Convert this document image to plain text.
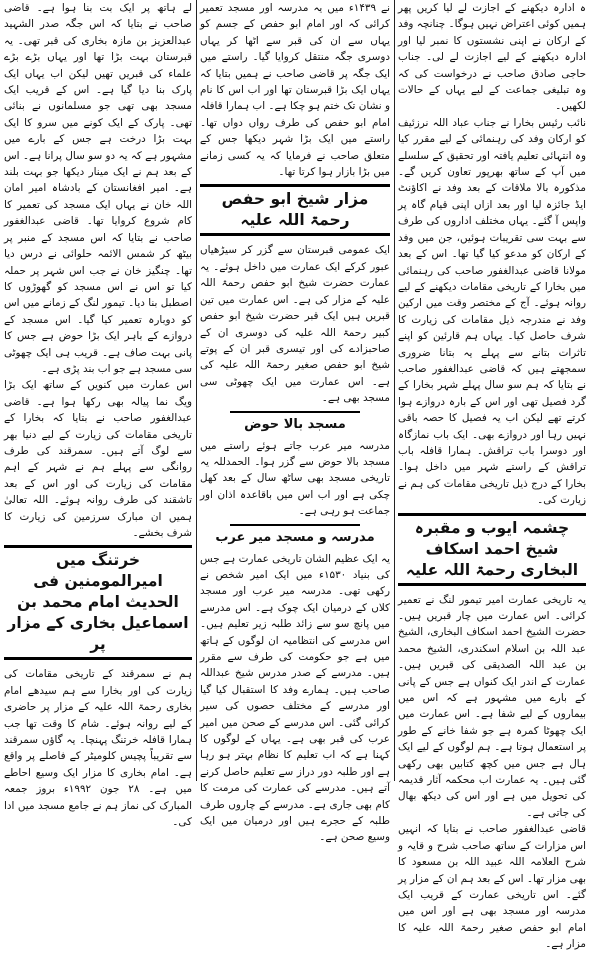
ہ ادارہ دیکھنے کے اجازت لے لیا کریں پھر ہمیں کوئی اعتراض نہیں ہوگا۔ چنانچہ وفد کے ارکان نے اپنی نشستوں کا نمبر لیا اور ادارہ دیکھنے کے لیے اجازت لے لی۔ جناب حاجی صادق صاحب نے درخواست کی کہ وہ تبلیغی جماعت کے لیے یہاں کے حالات لکھیں۔

نائب رئیس بخارا نے جناب عباد اللہ نرزئیف کو ارکان وفد کی رہنمائی کے لیے مقرر کیا وہ انتہائی تعلیم یافتہ اور تحقیق کے سلسلے میں آپ کے ساتھ بھرپور تعاون کریں گے۔ مذکورہ بالا ملاقات کے بعد وفد نے اکاؤنٹ ایڈ جائزہ لیا اور بعد ازاں اپنی قیام گاہ پر واپس آ گئے۔ یہاں مختلف اداروں کی طرف سے بہت سی تقریبات ہوئیں، جن میں وفد کے ارکان کو مدعو کیا گیا تھا۔ اس کے بعد مولانا قاضی عبدالغفور صاحب کی رہنمائی میں بخارا کے تاریخی مقامات دیکھنے کے لیے روانہ ہوئے۔ آج کے مختصر وقت میں ارکین وفد نے مندرجہ ذیل مقامات کی زیارت کا شرف حاصل کیا۔ یہاں ہم قارئین کو اپنے تاثرات بتانے سے پہلے یہ بتانا ضروری سمجھتے ہیں کہ قاضی عبدالغفور صاحب نے بتایا کہ ہم سو سال پہلے شہر بخارا کے گرد فصیل تھی اور اس کے بارہ دروازے ہوا کرتے تھے لیکن اب یہ فصیل کا حصہ باقی نہیں رہا اور دروازے بھی۔ ایک باب نمازگاہ اور دوسرا باب تراقش۔ ہمارا قافلہ باب تراقش کے راستے شہر میں داخل ہوا۔ بخارا کے درج ذیل تاریخی مقامات کی ہم نے زیارت کی۔

چشمہ ایوب و مقبرہ شیخ احمد اسکاف البخاری رحمۃ اللہ علیہ

یہ تاریخی عمارت امیر تیمور لنگ نے تعمیر کرائی۔ اس عمارت میں چار قبریں ہیں۔ حضرت الشیخ احمد اسکاف البخاری، الشیخ عبد اللہ بن اسلام اسکندری، الشیخ محمد بن عبد اللہ الصدیقی کی قبریں ہیں۔ عمارت کے اندر ایک کنواں ہے جس کے پانی کے بارے میں مشہور ہے کہ اس میں بیماروں کے لیے شفا ہے۔ اس عمارت میں ایک چھوٹا کمرہ ہے جو شفا خانے کے طور پر استعمال ہوتا ہے۔ ہم لوگوں کے لیے ایک ہال ہے جس میں کچھ کتابیں بھی رکھی گئی ہیں۔ یہ عمارت اب محکمہ آثار قدیمہ کی تحویل میں ہے اور اس کی دیکھ بھال کی جاتی ہے۔

قاضی عبدالغفور صاحب نے بتایا کہ انہیں اس مزارات کے ساتھ صاحب شرح و قایہ و شرح العلامہ اللہ عبید اللہ بن مسعود کا بھی مزار تھا۔ اس کے بعد ہم ان کے مزار پر گئے۔ اس تاریخی عمارت کے قریب ایک مدرسہ اور مسجد بھی ہے اور اس میں امام ابو حفص صغیر رحمۃ اللہ علیہ کا مزار ہے۔

نے ۱۴۳۹ء میں یہ مدرسہ اور مسجد تعمیر کرائی کہ اور امام ابو حفص کے جسم کو یہاں سے ان کی قبر سے اٹھا کر یہاں دوسری جگہ منتقل کروایا گیا۔ راستے میں ایک جگہ پر قاضی صاحب نے ہمیں بتایا کہ یہاں ایک بڑا قبرستان تھا اور اب اس کا نام و نشان تک ختم ہو چکا ہے۔ اب ہمارا قافلہ امام ابو حفص کی طرف رواں دواں تھا۔ راستے میں ایک بڑا شہر دیکھا جس کے متعلق صاحب نے فرمایا کہ یہ کسی زمانے میں بڑا بازار ہوا کرتا تھا۔

مزار شیخ ابو حفص رحمۃ اللہ علیہ

ایک عمومی قبرستان سے گزر کر سیڑھیاں عبور کرکے ایک عمارت میں داخل ہوئے۔ یہ عمارت حضرت شیخ ابو حفص رحمۃ اللہ علیہ کے مزار کی ہے۔ اس عمارت میں تین قبریں ہیں ایک قبر حضرت شیخ ابو حفص کبیر رحمۃ اللہ علیہ کی دوسری ان کے صاحبزادے کی اور تیسری قبر ان کے پوتے شیخ ابو حفص صغیر رحمۃ اللہ علیہ کی ہے۔ اس عمارت میں ایک چھوٹی سی مسجد بھی ہے۔

مسجد بالا حوض

مدرسہ میر عرب جاتے ہوئے راستے میں مسجد بالا حوض سے گزر ہوا۔ الحمدللہ یہ تاریخی مسجد بھی ساٹھ سال کے بعد کھل چکی ہے اور اب اس میں باقاعدہ اذان اور جماعت ہو رہی ہے۔

مدرسہ و مسجد میر عرب

یہ ایک عظیم الشان تاریخی عمارت ہے جس کی بنیاد ۱۵۳۰ء میں ایک امیر شخص نے رکھی تھی۔ مدرسہ میر عرب اور مسجد کلاں کے درمیان ایک چوک ہے۔ اس مدرسے میں پانچ سو سے زائد طلبہ زیر تعلیم ہیں۔ اس مدرسے کی انتظامیہ ان لوگوں کے ہاتھ میں ہے جو حکومت کی طرف سے مقرر ہیں۔ مدرسے کے صدر مدرس شیخ عبداللہ صاحب ہیں۔ ہمارے وفد کا استقبال کیا گیا اور مدرسے کے مختلف حصوں کی سیر کرائی گئی۔ اس مدرسے کے صحن میں امیر عرب کی قبر بھی ہے۔ یہاں کے لوگوں کا کہنا ہے کہ اب تعلیم کا نظام بہتر ہو رہا ہے اور طلبہ دور دراز سے تعلیم حاصل کرنے آتے ہیں۔ مدرسے کی عمارت کی مرمت کا کام بھی جاری ہے۔ مدرسے کے چاروں طرف طلبہ کے حجرے ہیں اور درمیان میں ایک وسیع صحن ہے۔

لے ہاتھ پر ایک بت بنا ہوا ہے۔ قاضی صاحب نے بتایا کہ اس جگہ صدر الشہید عبدالعزیز بن مازہ بخاری کی قبر تھی۔ یہ قبرستان بہت بڑا تھا اور یہاں بڑے بڑے علماء کی قبریں تھیں لیکن اب یہاں ایک پارک بنا دیا گیا ہے۔ اس کے قریب ایک مسجد بھی تھی جو مسلمانوں نے بنائی تھی۔ پارک کے ایک کونے میں سرو کا ایک بہت بڑا درخت ہے جس کے بارے میں مشہور ہے کہ یہ دو سو سال پرانا ہے۔ اس کے بعد ہم نے ایک مینار دیکھا جو بہت بلند ہے۔ امیر افغانستان کے بادشاہ امیر امان اللہ خان نے یہاں ایک مسجد کی تعمیر کا کام شروع کروایا تھا۔ قاضی عبدالغفور صاحب نے بتایا کہ اس مسجد کے منبر پر بیٹھ کر شمس الائمہ حلوائی نے درس دیا تھا۔ چنگیز خان نے جب اس شہر پر حملہ کیا تو اس نے اس مسجد کو گھوڑوں کا اصطبل بنا دیا۔ تیمور لنگ کے زمانے میں اس کو دوبارہ تعمیر کیا گیا۔ اس مسجد کے دروازے کے باہر ایک بڑا حوض ہے جس کا پانی بہت صاف ہے۔ قریب ہی ایک چھوٹی سی مسجد ہے جو اب بند پڑی ہے۔

اس عمارت میں کنویں کے ساتھ ایک بڑا ویگ نما پیالہ بھی رکھا ہوا ہے۔ قاضی عبدالغفور صاحب نے بتایا کہ بخارا کے تاریخی مقامات کی زیارت کے لیے دنیا بھر سے لوگ آتے ہیں۔ سمرقند کی طرف روانگی سے پہلے ہم نے شہر کے اہم مقامات کی زیارت کی اور اس کے بعد تاشقند کی طرف روانہ ہوئے۔ اللہ تعالیٰ ہمیں ان مبارک سرزمین کی زیارت کا شرف بخشے۔

خرتنگ میں امیرالمومنین فی الحدیث امام محمد بن اسماعیل بخاری کے مزار پر

ہم نے سمرقند کے تاریخی مقامات کی زیارت کی اور بخارا سے ہم سیدھے امام بخاری رحمۃ اللہ علیہ کے مزار پر حاضری کے لیے روانہ ہوئے۔ شام کا وقت تھا جب ہمارا قافلہ خرتنگ پہنچا۔ یہ گاؤں سمرقند سے تقریباً پچیس کلومیٹر کے فاصلے پر واقع ہے۔ امام بخاری کا مزار ایک وسیع احاطے میں ہے۔ ۲۸ جون ۱۹۹۲ء بروز جمعہ المبارک کی نماز ہم نے جامع مسجد میں ادا کی۔
